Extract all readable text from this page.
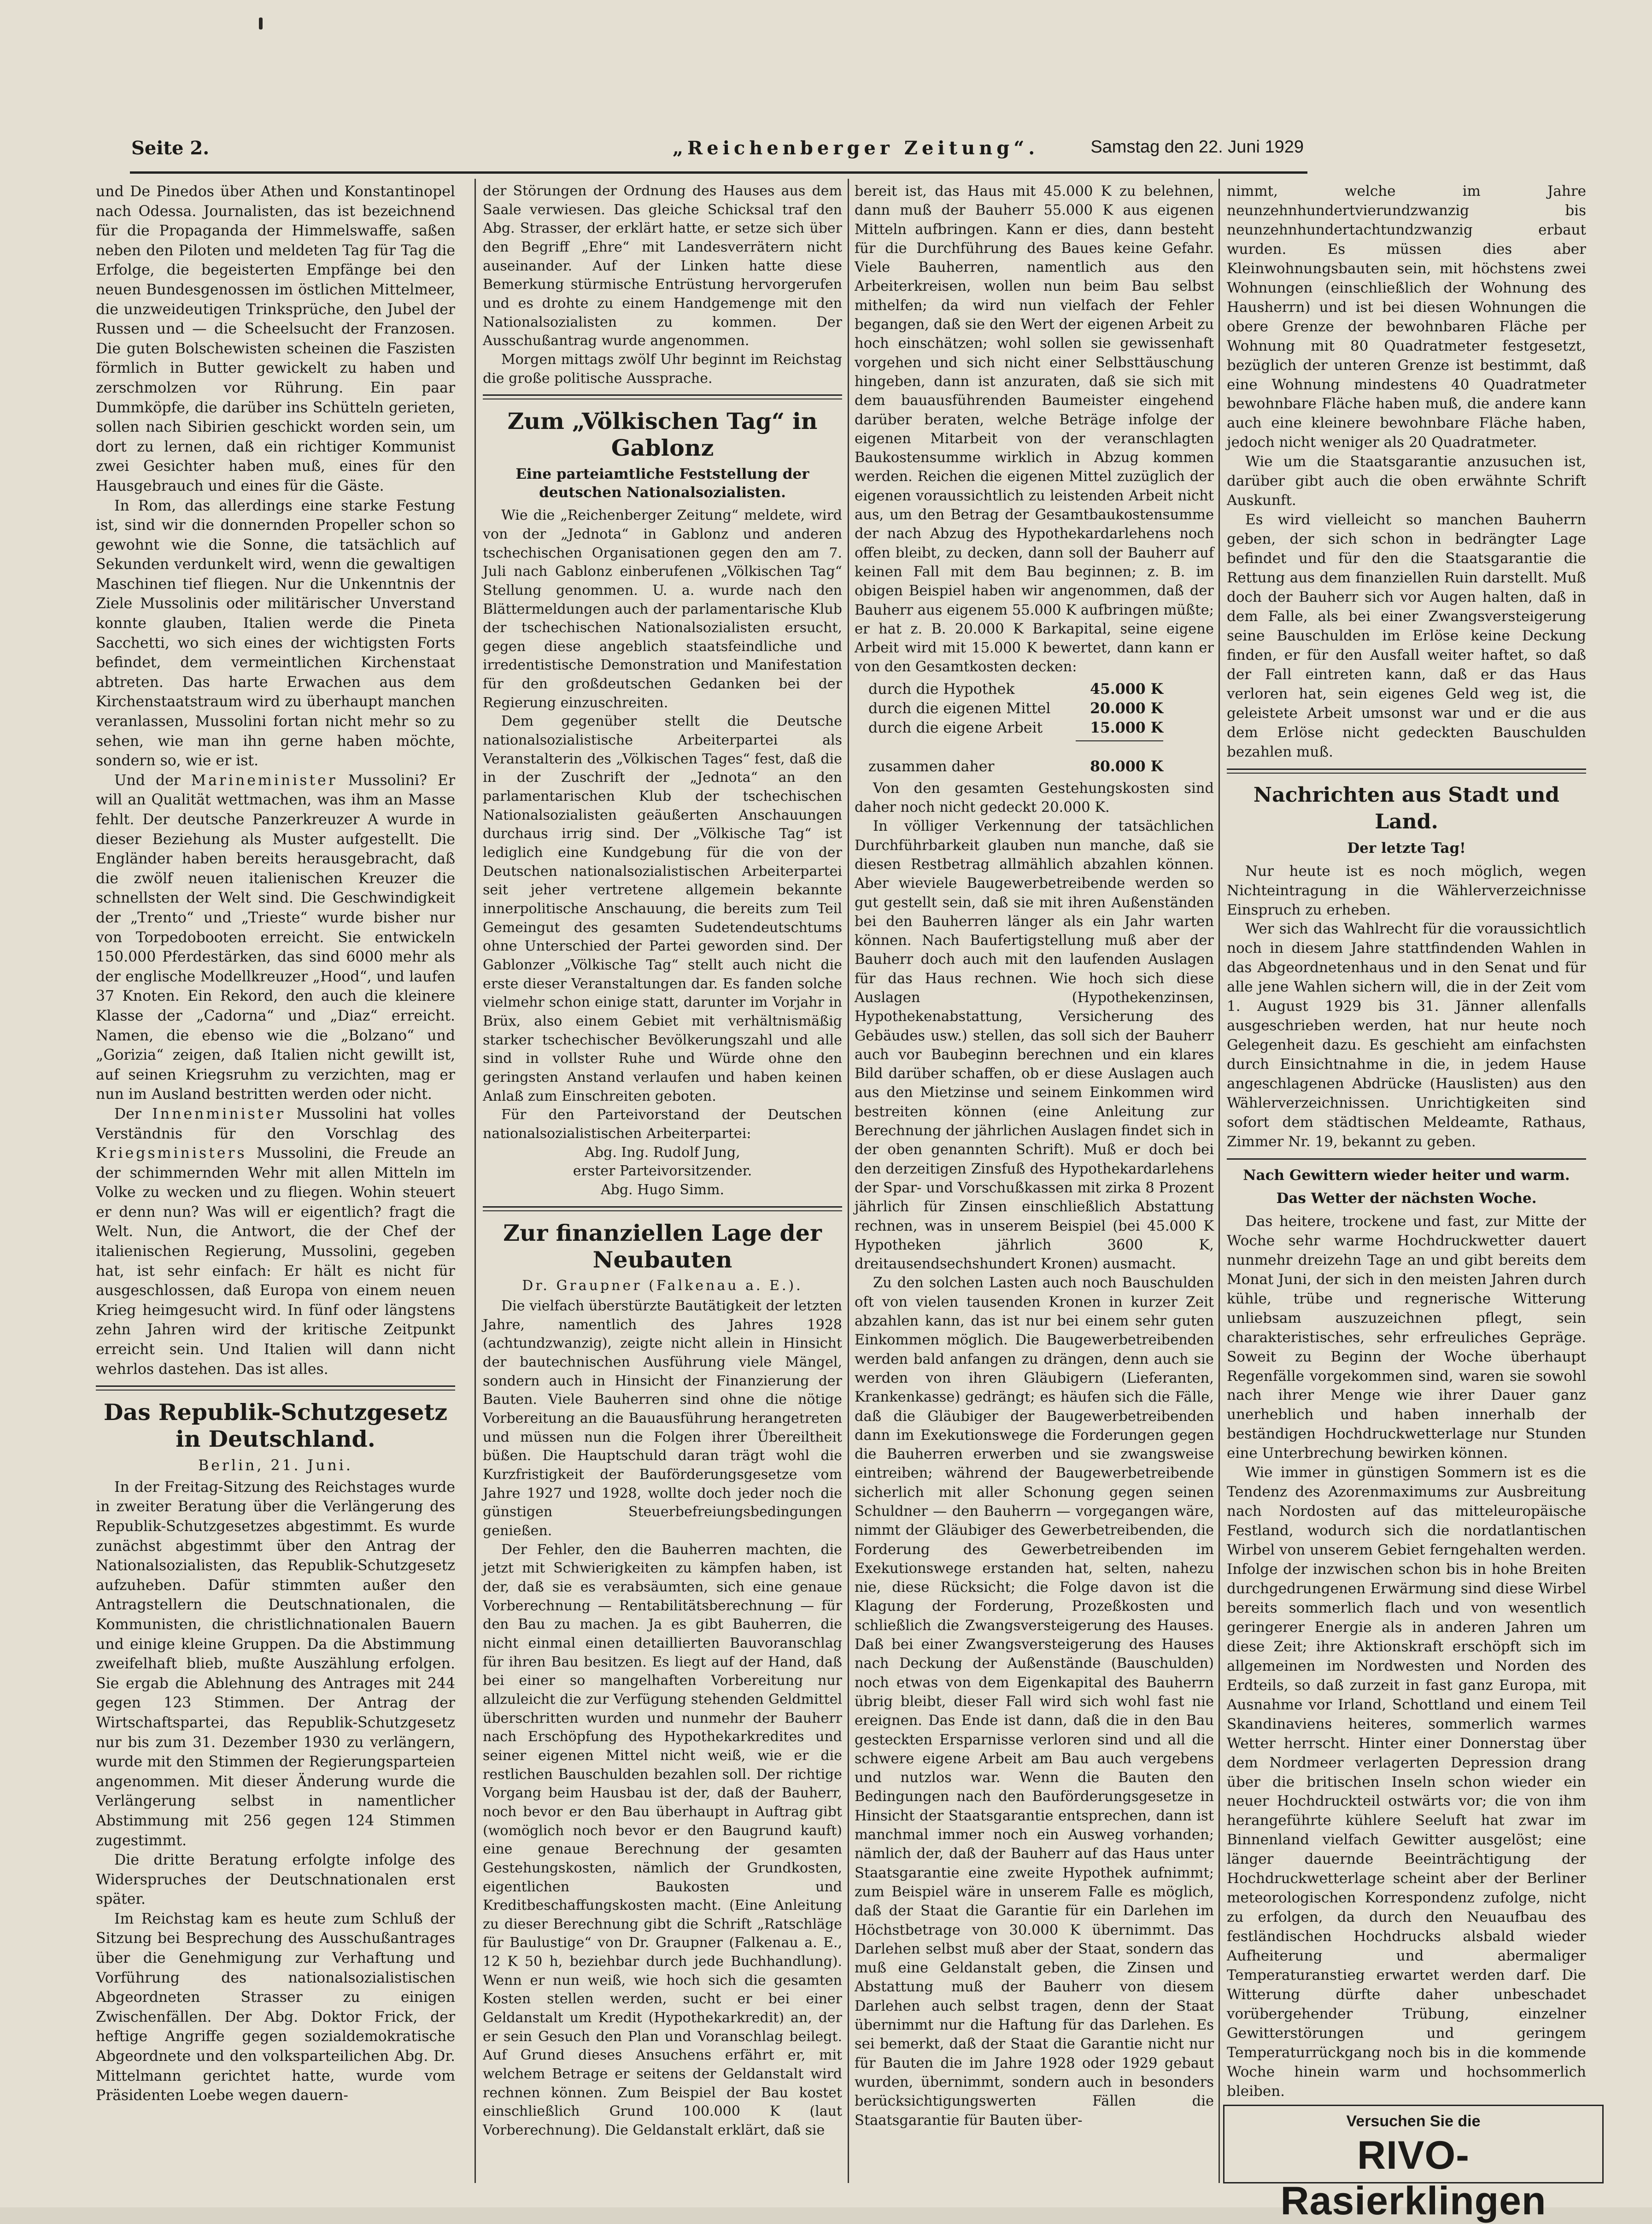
Seite 2.	„Reichenberger Zeitung“.	Samstag den 22. Juni 1929

und De Pinedos über Athen und Konstantinopel nach Odessa. Journalisten, das ist bezeichnend für die Propaganda der Himmelswaffe, saßen neben den Piloten und meldeten Tag für Tag die Erfolge, die begeisterten Empfänge bei den neuen Bundesgenossen im östlichen Mittelmeer, die unzweideutigen Trinksprüche, den Jubel der Russen und — die Scheelsucht der Franzosen. Die guten Bolschewisten scheinen die Faszisten förmlich in Butter gewickelt zu haben und zerschmolzen vor Rührung. Ein paar Dummköpfe, die darüber ins Schütteln gerieten, sollen nach Sibirien geschickt worden sein, um dort zu lernen, daß ein richtiger Kommunist zwei Gesichter haben muß, eines für den Hausgebrauch und eines für die Gäste.

In Rom, das allerdings eine starke Festung ist, sind wir die donnernden Propeller schon so gewohnt wie die Sonne, die tatsächlich auf Sekunden verdunkelt wird, wenn die gewaltigen Maschinen tief fliegen. Nur die Unkenntnis der Ziele Mussolinis oder militärischer Unverstand konnte glauben, Italien werde die Pineta Sacchetti, wo sich eines der wichtigsten Forts befindet, dem vermeintlichen Kirchenstaat abtreten. Das harte Erwachen aus dem Kirchenstaatstraum wird zu überhaupt manchen veranlassen, Mussolini fortan nicht mehr so zu sehen, wie man ihn gerne haben möchte, sondern so, wie er ist.

Und der Marineminister Mussolini? Er will an Qualität wettmachen, was ihm an Masse fehlt. Der deutsche Panzerkreuzer A wurde in dieser Beziehung als Muster aufgestellt. Die Engländer haben bereits herausgebracht, daß die zwölf neuen italienischen Kreuzer die schnellsten der Welt sind. Die Geschwindigkeit der „Trento“ und „Trieste“ wurde bisher nur von Torpedobooten erreicht. Sie entwickeln 150.000 Pferdestärken, das sind 6000 mehr als der englische Modellkreuzer „Hood“, und laufen 37 Knoten. Ein Rekord, den auch die kleinere Klasse der „Cadorna“ und „Diaz“ erreicht. Namen, die ebenso wie die „Bolzano“ und „Gorizia“ zeigen, daß Italien nicht gewillt ist, auf seinen Kriegsruhm zu verzichten, mag er nun im Ausland bestritten werden oder nicht.

Der Innenminister Mussolini hat volles Verständnis für den Vorschlag des Kriegsministers Mussolini, die Freude an der schimmernden Wehr mit allen Mitteln im Volke zu wecken und zu fliegen. Wohin steuert er denn nun? Was will er eigentlich? fragt die Welt. Nun, die Antwort, die der Chef der italienischen Regierung, Mussolini, gegeben hat, ist sehr einfach: Er hält es nicht für ausgeschlossen, daß Europa von einem neuen Krieg heimgesucht wird. In fünf oder längstens zehn Jahren wird der kritische Zeitpunkt erreicht sein. Und Italien will dann nicht wehrlos dastehen. Das ist alles.

Das Republik-Schutzgesetz in Deutschland.
Berlin, 21. Juni.

In der Freitag-Sitzung des Reichstages wurde in zweiter Beratung über die Verlängerung des Republik-Schutzgesetzes abgestimmt. Es wurde zunächst abgestimmt über den Antrag der Nationalsozialisten, das Republik-Schutzgesetz aufzuheben. Dafür stimmten außer den Antragstellern die Deutschnationalen, die Kommunisten, die christlichnationalen Bauern und einige kleine Gruppen. Da die Abstimmung zweifelhaft blieb, mußte Auszählung erfolgen. Sie ergab die Ablehnung des Antrages mit 244 gegen 123 Stimmen. Der Antrag der Wirtschaftspartei, das Republik-Schutzgesetz nur bis zum 31. Dezember 1930 zu verlängern, wurde mit den Stimmen der Regierungsparteien angenommen. Mit dieser Änderung wurde die Verlängerung selbst in namentlicher Abstimmung mit 256 gegen 124 Stimmen zugestimmt.

Die dritte Beratung erfolgte infolge des Widerspruches der Deutschnationalen erst später.

Im Reichstag kam es heute zum Schluß der Sitzung bei Besprechung des Ausschußantrages über die Genehmigung zur Verhaftung und Vorführung des nationalsozialistischen Abgeordneten Strasser zu einigen Zwischenfällen. Der Abg. Doktor Frick, der heftige Angriffe gegen sozialdemokratische Abgeordnete und den volksparteilichen Abg. Dr. Mittelmann gerichtet hatte, wurde vom Präsidenten Loebe wegen dauern-

der Störungen der Ordnung des Hauses aus dem Saale verwiesen. Das gleiche Schicksal traf den Abg. Strasser, der erklärt hatte, er setze sich über den Begriff „Ehre“ mit Landesverrätern nicht auseinander. Auf der Linken hatte diese Bemerkung stürmische Entrüstung hervorgerufen und es drohte zu einem Handgemenge mit den Nationalsozialisten zu kommen. Der Ausschußantrag wurde angenommen.

Morgen mittags zwölf Uhr beginnt im Reichstag die große politische Aussprache.

Zum „Völkischen Tag“ in Gablonz
Eine parteiamtliche Feststellung der deutschen Nationalsozialisten.

Wie die „Reichenberger Zeitung“ meldete, wird von der „Jednota“ in Gablonz und anderen tschechischen Organisationen gegen den am 7. Juli nach Gablonz einberufenen „Völkischen Tag“ Stellung genommen. U. a. wurde nach den Blättermeldungen auch der parlamentarische Klub der tschechischen Nationalsozialisten ersucht, gegen diese angeblich staatsfeindliche und irredentistische Demonstration und Manifestation für den großdeutschen Gedanken bei der Regierung einzuschreiten.

Dem gegenüber stellt die Deutsche nationalsozialistische Arbeiterpartei als Veranstalterin des „Völkischen Tages“ fest, daß die in der Zuschrift der „Jednota“ an den parlamentarischen Klub der tschechischen Nationalsozialisten geäußerten Anschauungen durchaus irrig sind. Der „Völkische Tag“ ist lediglich eine Kundgebung für die von der Deutschen nationalsozialistischen Arbeiterpartei seit jeher vertretene allgemein bekannte innerpolitische Anschauung, die bereits zum Teil Gemeingut des gesamten Sudetendeutschtums ohne Unterschied der Partei geworden sind. Der Gablonzer „Völkische Tag“ stellt auch nicht die erste dieser Veranstaltungen dar. Es fanden solche vielmehr schon einige statt, darunter im Vorjahr in Brüx, also einem Gebiet mit verhältnismäßig starker tschechischer Bevölkerungszahl und alle sind in vollster Ruhe und Würde ohne den geringsten Anstand verlaufen und haben keinen Anlaß zum Einschreiten geboten.

Für den Parteivorstand der Deutschen nationalsozialistischen Arbeiterpartei:

Abg. Ing. Rudolf Jung,
erster Parteivorsitzender.
Abg. Hugo Simm.
Zur finanziellen Lage der Neubauten
Dr. Graupner (Falkenau a. E.).

Die vielfach überstürzte Bautätigkeit der letzten Jahre, namentlich des Jahres 1928 (achtundzwanzig), zeigte nicht allein in Hinsicht der bautechnischen Ausführung viele Mängel, sondern auch in Hinsicht der Finanzierung der Bauten. Viele Bauherren sind ohne die nötige Vorbereitung an die Bauausführung herangetreten und müssen nun die Folgen ihrer Übereiltheit büßen. Die Hauptschuld daran trägt wohl die Kurzfristigkeit der Bauförderungsgesetze vom Jahre 1927 und 1928, wollte doch jeder noch die günstigen Steuerbefreiungsbedingungen genießen.

Der Fehler, den die Bauherren machten, die jetzt mit Schwierigkeiten zu kämpfen haben, ist der, daß sie es verabsäumten, sich eine genaue Vorberechnung — Rentabilitätsberechnung — für den Bau zu machen. Ja es gibt Bauherren, die nicht einmal einen detaillierten Bauvoranschlag für ihren Bau besitzen. Es liegt auf der Hand, daß bei einer so mangelhaften Vorbereitung nur allzuleicht die zur Verfügung stehenden Geldmittel überschritten wurden und nunmehr der Bauherr nach Erschöpfung des Hypothekarkredites und seiner eigenen Mittel nicht weiß, wie er die restlichen Bauschulden bezahlen soll. Der richtige Vorgang beim Hausbau ist der, daß der Bauherr, noch bevor er den Bau überhaupt in Auftrag gibt (womöglich noch bevor er den Baugrund kauft) eine genaue Berechnung der gesamten Gestehungskosten, nämlich der Grundkosten, eigentlichen Baukosten und Kreditbeschaffungskosten macht. (Eine Anleitung zu dieser Berechnung gibt die Schrift „Ratschläge für Baulustige“ von Dr. Graupner (Falkenau a. E., 12 K 50 h, beziehbar durch jede Buchhandlung). Wenn er nun weiß, wie hoch sich die gesamten Kosten stellen werden, sucht er bei einer Geldanstalt um Kredit (Hypothekarkredit) an, der er sein Gesuch den Plan und Voranschlag beilegt. Auf Grund dieses Ansuchens erfährt er, mit welchem Betrage er seitens der Geldanstalt wird rechnen können. Zum Beispiel der Bau kostet einschließlich Grund 100.000 K (laut Vorberechnung). Die Geldanstalt erklärt, daß sie

bereit ist, das Haus mit 45.000 K zu belehnen, dann muß der Bauherr 55.000 K aus eigenen Mitteln aufbringen. Kann er dies, dann besteht für die Durchführung des Baues keine Gefahr. Viele Bauherren, namentlich aus den Arbeiterkreisen, wollen nun beim Bau selbst mithelfen; da wird nun vielfach der Fehler begangen, daß sie den Wert der eigenen Arbeit zu hoch einschätzen; wohl sollen sie gewissenhaft vorgehen und sich nicht einer Selbsttäuschung hingeben, dann ist anzuraten, daß sie sich mit dem bauausführenden Baumeister eingehend darüber beraten, welche Beträge infolge der eigenen Mitarbeit von der veranschlagten Baukostensumme wirklich in Abzug kommen werden. Reichen die eigenen Mittel zuzüglich der eigenen voraussichtlich zu leistenden Arbeit nicht aus, um den Betrag der Gesamtbaukostensumme der nach Abzug des Hypothekardarlehens noch offen bleibt, zu decken, dann soll der Bauherr auf keinen Fall mit dem Bau beginnen; z. B. im obigen Beispiel haben wir angenommen, daß der Bauherr aus eigenem 55.000 K aufbringen müßte; er hat z. B. 20.000 K Barkapital, seine eigene Arbeit wird mit 15.000 K bewertet, dann kann er von den Gesamtkosten decken:

durch die Hypothek	45.000 K
durch die eigenen Mittel	20.000 K
durch die eigene Arbeit	15.000 K
zusammen daher	80.000 K

Von den gesamten Gestehungskosten sind daher noch nicht gedeckt 20.000 K.

In völliger Verkennung der tatsächlichen Durchführbarkeit glauben nun manche, daß sie diesen Restbetrag allmählich abzahlen können. Aber wieviele Baugewerbetreibende werden so gut gestellt sein, daß sie mit ihren Außenständen bei den Bauherren länger als ein Jahr warten können. Nach Baufertigstellung muß aber der Bauherr doch auch mit den laufenden Auslagen für das Haus rechnen. Wie hoch sich diese Auslagen (Hypothekenzinsen, Hypothekenabstattung, Versicherung des Gebäudes usw.) stellen, das soll sich der Bauherr auch vor Baubeginn berechnen und ein klares Bild darüber schaffen, ob er diese Auslagen auch aus den Mietzinse und seinem Einkommen wird bestreiten können (eine Anleitung zur Berechnung der jährlichen Auslagen findet sich in der oben genannten Schrift). Muß er doch bei den derzeitigen Zinsfuß des Hypothekardarlehens der Spar- und Vorschußkassen mit zirka 8 Prozent jährlich für Zinsen einschließlich Abstattung rechnen, was in unserem Beispiel (bei 45.000 K Hypotheken jährlich 3600 K, dreitausendsechshundert Kronen) ausmacht.

Zu den solchen Lasten auch noch Bauschulden oft von vielen tausenden Kronen in kurzer Zeit abzahlen kann, das ist nur bei einem sehr guten Einkommen möglich. Die Baugewerbetreibenden werden bald anfangen zu drängen, denn auch sie werden von ihren Gläubigern (Lieferanten, Krankenkasse) gedrängt; es häufen sich die Fälle, daß die Gläubiger der Baugewerbetreibenden dann im Exekutionswege die Forderungen gegen die Bauherren erwerben und sie zwangsweise eintreiben; während der Baugewerbetreibende sicherlich mit aller Schonung gegen seinen Schuldner — den Bauherrn — vorgegangen wäre, nimmt der Gläubiger des Gewerbetreibenden, die Forderung des Gewerbetreibenden im Exekutionswege erstanden hat, selten, nahezu nie, diese Rücksicht; die Folge davon ist die Klagung der Forderung, Prozeßkosten und schließlich die Zwangsversteigerung des Hauses. Daß bei einer Zwangsversteigerung des Hauses nach Deckung der Außenstände (Bauschulden) noch etwas von dem Eigenkapital des Bauherrn übrig bleibt, dieser Fall wird sich wohl fast nie ereignen. Das Ende ist dann, daß die in den Bau gesteckten Ersparnisse verloren sind und all die schwere eigene Arbeit am Bau auch vergebens und nutzlos war. Wenn die Bauten den Bedingungen nach den Bauförderungsgesetze in Hinsicht der Staatsgarantie entsprechen, dann ist manchmal immer noch ein Ausweg vorhanden; nämlich der, daß der Bauherr auf das Haus unter Staatsgarantie eine zweite Hypothek aufnimmt; zum Beispiel wäre in unserem Falle es möglich, daß der Staat die Garantie für ein Darlehen im Höchstbetrage von 30.000 K übernimmt. Das Darlehen selbst muß aber der Staat, sondern das muß eine Geldanstalt geben, die Zinsen und Abstattung muß der Bauherr von diesem Darlehen auch selbst tragen, denn der Staat übernimmt nur die Haftung für das Darlehen. Es sei bemerkt, daß der Staat die Garantie nicht nur für Bauten die im Jahre 1928 oder 1929 gebaut wurden, übernimmt, sondern auch in besonders berücksichtigungswerten Fällen die Staatsgarantie für Bauten über-

nimmt, welche im Jahre neunzehnhundertvierundzwanzig bis neunzehnhundertachtundzwanzig erbaut wurden. Es müssen dies aber Kleinwohnungsbauten sein, mit höchstens zwei Wohnungen (einschließlich der Wohnung des Hausherrn) und ist bei diesen Wohnungen die obere Grenze der bewohnbaren Fläche per Wohnung mit 80 Quadratmeter festgesetzt, bezüglich der unteren Grenze ist bestimmt, daß eine Wohnung mindestens 40 Quadratmeter bewohnbare Fläche haben muß, die andere kann auch eine kleinere bewohnbare Fläche haben, jedoch nicht weniger als 20 Quadratmeter.

Wie um die Staatsgarantie anzusuchen ist, darüber gibt auch die oben erwähnte Schrift Auskunft.

Es wird vielleicht so manchen Bauherrn geben, der sich schon in bedrängter Lage befindet und für den die Staatsgarantie die Rettung aus dem finanziellen Ruin darstellt. Muß doch der Bauherr sich vor Augen halten, daß in dem Falle, als bei einer Zwangsversteigerung seine Bauschulden im Erlöse keine Deckung finden, er für den Ausfall weiter haftet, so daß der Fall eintreten kann, daß er das Haus verloren hat, sein eigenes Geld weg ist, die geleistete Arbeit umsonst war und er die aus dem Erlöse nicht gedeckten Bauschulden bezahlen muß.

Nachrichten aus Stadt und Land.
Der letzte Tag!

Nur heute ist es noch möglich, wegen Nichteintragung in die Wählerverzeichnisse Einspruch zu erheben.

Wer sich das Wahlrecht für die voraussichtlich noch in diesem Jahre stattfindenden Wahlen in das Abgeordnetenhaus und in den Senat und für alle jene Wahlen sichern will, die in der Zeit vom 1. August 1929 bis 31. Jänner allenfalls ausgeschrieben werden, hat nur heute noch Gelegenheit dazu. Es geschieht am einfachsten durch Einsichtnahme in die, in jedem Hause angeschlagenen Abdrücke (Hauslisten) aus den Wählerverzeichnissen. Unrichtigkeiten sind sofort dem städtischen Meldeamte, Rathaus, Zimmer Nr. 19, bekannt zu geben.

Nach Gewittern wieder heiter und warm.
Das Wetter der nächsten Woche.

Das heitere, trockene und fast, zur Mitte der Woche sehr warme Hochdruckwetter dauert nunmehr dreizehn Tage an und gibt bereits dem Monat Juni, der sich in den meisten Jahren durch kühle, trübe und regnerische Witterung unliebsam auszuzeichnen pflegt, sein charakteristisches, sehr erfreuliches Gepräge. Soweit zu Beginn der Woche überhaupt Regenfälle vorgekommen sind, waren sie sowohl nach ihrer Menge wie ihrer Dauer ganz unerheblich und haben innerhalb der beständigen Hochdruckwetterlage nur Stunden eine Unterbrechung bewirken können.

Wie immer in günstigen Sommern ist es die Tendenz des Azorenmaximums zur Ausbreitung nach Nordosten auf das mitteleuropäische Festland, wodurch sich die nordatlantischen Wirbel von unserem Gebiet ferngehalten werden. Infolge der inzwischen schon bis in hohe Breiten durchgedrungenen Erwärmung sind diese Wirbel bereits sommerlich flach und von wesentlich geringerer Energie als in anderen Jahren um diese Zeit; ihre Aktionskraft erschöpft sich im allgemeinen im Nordwesten und Norden des Erdteils, so daß zurzeit in fast ganz Europa, mit Ausnahme vor Irland, Schottland und einem Teil Skandinaviens heiteres, sommerlich warmes Wetter herrscht. Hinter einer Donnerstag über dem Nordmeer verlagerten Depression drang über die britischen Inseln schon wieder ein neuer Hochdruckteil ostwärts vor; die von ihm herangeführte kühlere Seeluft hat zwar im Binnenland vielfach Gewitter ausgelöst; eine länger dauernde Beeinträchtigung der Hochdruckwetterlage scheint aber der Berliner meteorologischen Korrespondenz zufolge, nicht zu erfolgen, da durch den Neuaufbau des festländischen Hochdrucks alsbald wieder Aufheiterung und abermaliger Temperaturanstieg erwartet werden darf. Die Witterung dürfte daher unbeschadet vorübergehender Trübung, einzelner Gewitterstörungen und geringem Temperaturrückgang noch bis in die kommende Woche hinein warm und hochsommerlich bleiben.

Versuchen Sie die
RIVO-Rasierklingen
